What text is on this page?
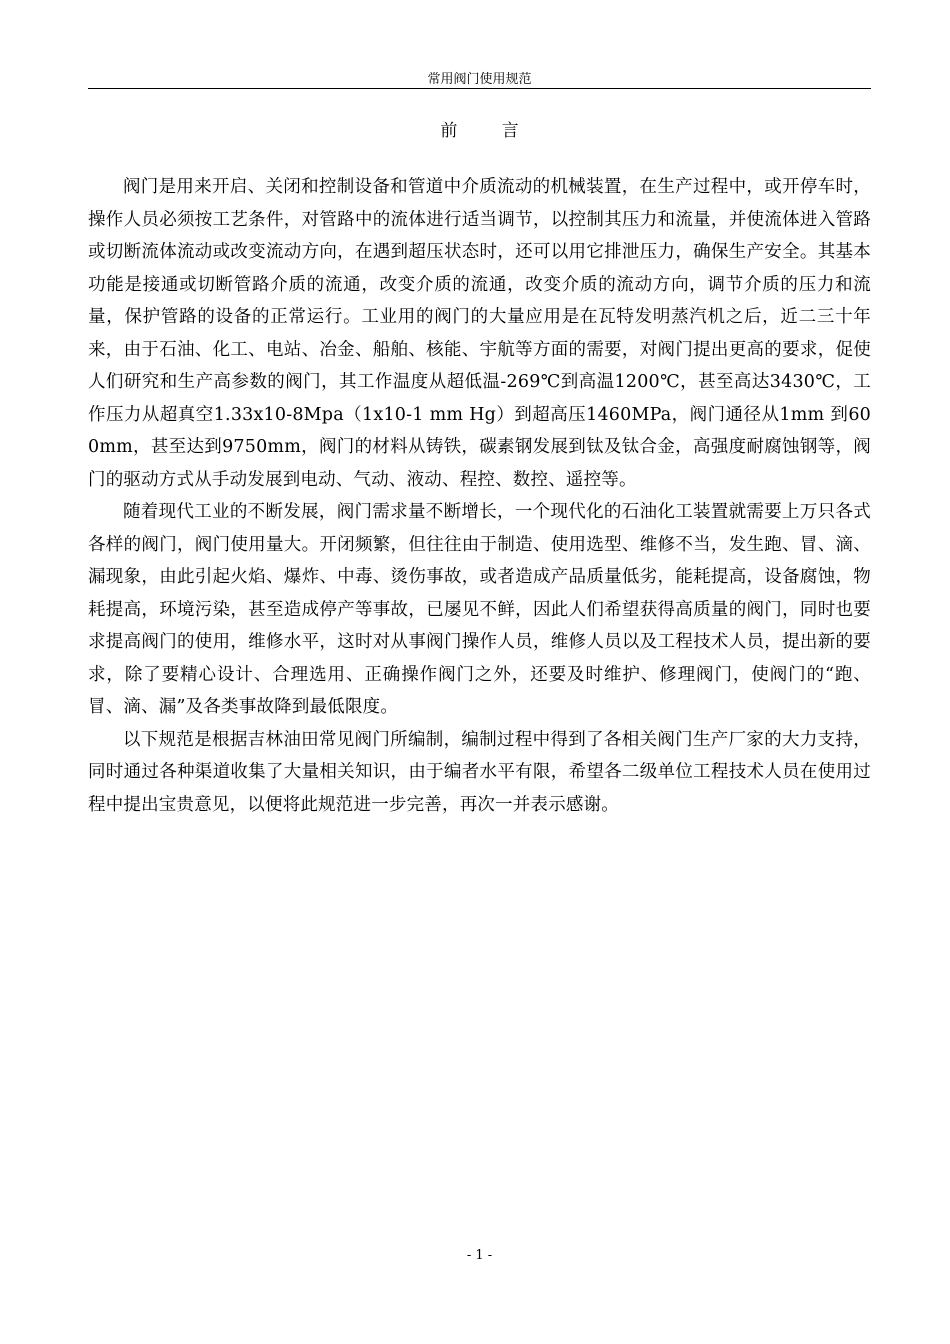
常用阀门使用规范
前言

阀门是用来开启、关闭和控制设备和管道中介质流动的机械装置，在生产过程中，或开停车时，操作人员必须按工艺条件，对管路中的流体进行适当调节，以控制其压力和流量，并使流体进入管路或切断流体流动或改变流动方向，在遇到超压状态时，还可以用它排泄压力，确保生产安全。其基本功能是接通或切断管路介质的流通，改变介质的流通，改变介质的流动方向，调节介质的压力和流量，保护管路的设备的正常运行。工业用的阀门的大量应用是在瓦特发明蒸汽机之后，近二三十年来，由于石油、化工、电站、冶金、船舶、核能、宇航等方面的需要，对阀门提出更高的要求，促使人们研究和生产高参数的阀门，其工作温度从超低温-269℃到高温1200℃，甚至高达3430℃，工作压力从超真空1.33x10-8Mpa（1x10-1 mm Hg）到超高压1460MPa，阀门通径从1mm 到600mm，甚至达到9750mm，阀门的材料从铸铁，碳素钢发展到钛及钛合金，高强度耐腐蚀钢等，阀门的驱动方式从手动发展到电动、气动、液动、程控、数控、遥控等。

随着现代工业的不断发展，阀门需求量不断增长，一个现代化的石油化工装置就需要上万只各式各样的阀门，阀门使用量大。开闭频繁，但往往由于制造、使用选型、维修不当，发生跑、冒、滴、漏现象，由此引起火焰、爆炸、中毒、烫伤事故，或者造成产品质量低劣，能耗提高，设备腐蚀，物耗提高，环境污染，甚至造成停产等事故，已屡见不鲜，因此人们希望获得高质量的阀门，同时也要求提高阀门的使用，维修水平，这时对从事阀门操作人员，维修人员以及工程技术人员，提出新的要求，除了要精心设计、合理选用、正确操作阀门之外，还要及时维护、修理阀门，使阀门的“跑、冒、滴、漏”及各类事故降到最低限度。

以下规范是根据吉林油田常见阀门所编制，编制过程中得到了各相关阀门生产厂家的大力支持，同时通过各种渠道收集了大量相关知识，由于编者水平有限，希望各二级单位工程技术人员在使用过程中提出宝贵意见，以便将此规范进一步完善，再次一并表示感谢。

- 1 -
